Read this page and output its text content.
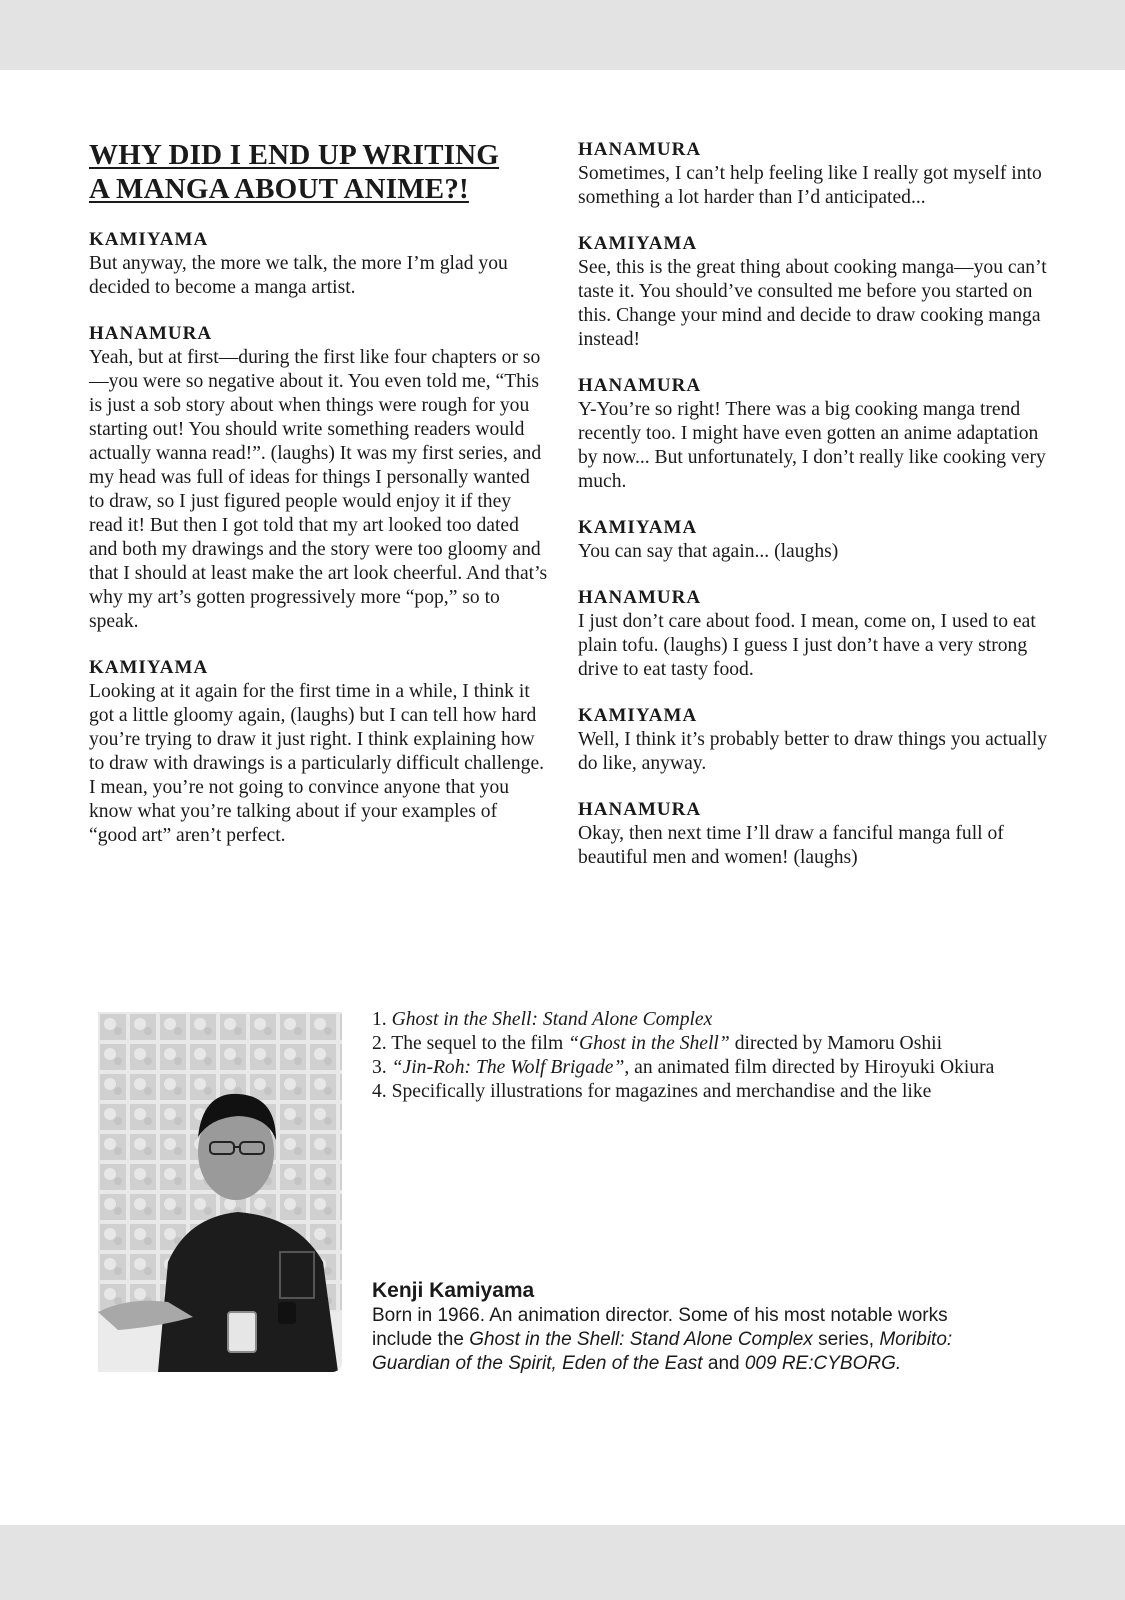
WHY DID I END UP WRITING
A MANGA ABOUT ANIME?!

KAMIYAMA

But anyway, the more we talk, the more I’m glad you decided to become a manga artist.

HANAMURA

Yeah, but at first—during the first like four chapters or so—you were so negative about it. You even told me, “This is just a sob story about when things were rough for you starting out! You should write something readers would actually wanna read!”. (laughs) It was my first series, and my head was full of ideas for things I personally wanted to draw, so I just figured people would enjoy it if they read it! But then I got told that my art looked too dated and both my drawings and the story were too gloomy and that I should at least make the art look cheerful. And that’s why my art’s gotten progressively more “pop,” so to speak.

KAMIYAMA

Looking at it again for the first time in a while, I think it got a little gloomy again, (laughs) but I can tell how hard you’re trying to draw it just right. I think explaining how to draw with drawings is a particularly difficult challenge. I mean, you’re not going to convince anyone that you know what you’re talking about if your examples of “good art” aren’t perfect.

HANAMURA

Sometimes, I can’t help feeling like I really got myself into something a lot harder than I’d anticipated...

KAMIYAMA

See, this is the great thing about cooking manga—you can’t taste it. You should’ve consulted me before you started on this. Change your mind and decide to draw cooking manga instead!

HANAMURA

Y-You’re so right! There was a big cooking manga trend recently too. I might have even gotten an anime adaptation by now... But unfortunately, I don’t really like cooking very much.

KAMIYAMA

You can say that again... (laughs)

HANAMURA

I just don’t care about food. I mean, come on, I used to eat plain tofu. (laughs) I guess I just don’t have a very strong drive to eat tasty food.

KAMIYAMA

Well, I think it’s probably better to draw things you actually do like, anyway.

HANAMURA

Okay, then next time I’ll draw a fanciful manga full of beautiful men and women! (laughs)

1. Ghost in the Shell: Stand Alone Complex
2. The sequel to the film “Ghost in the Shell” directed by Mamoru Oshii
3. “Jin-Roh: The Wolf Brigade”, an animated film directed by Hiroyuki Okiura
4. Specifically illustrations for magazines and merchandise and the like

Kenji Kamiyama

Born in 1966. An animation director. Some of his most notable works
include the Ghost in the Shell: Stand Alone Complex series, Moribito:
Guardian of the Spirit, Eden of the East and 009 RE:CYBORG.
